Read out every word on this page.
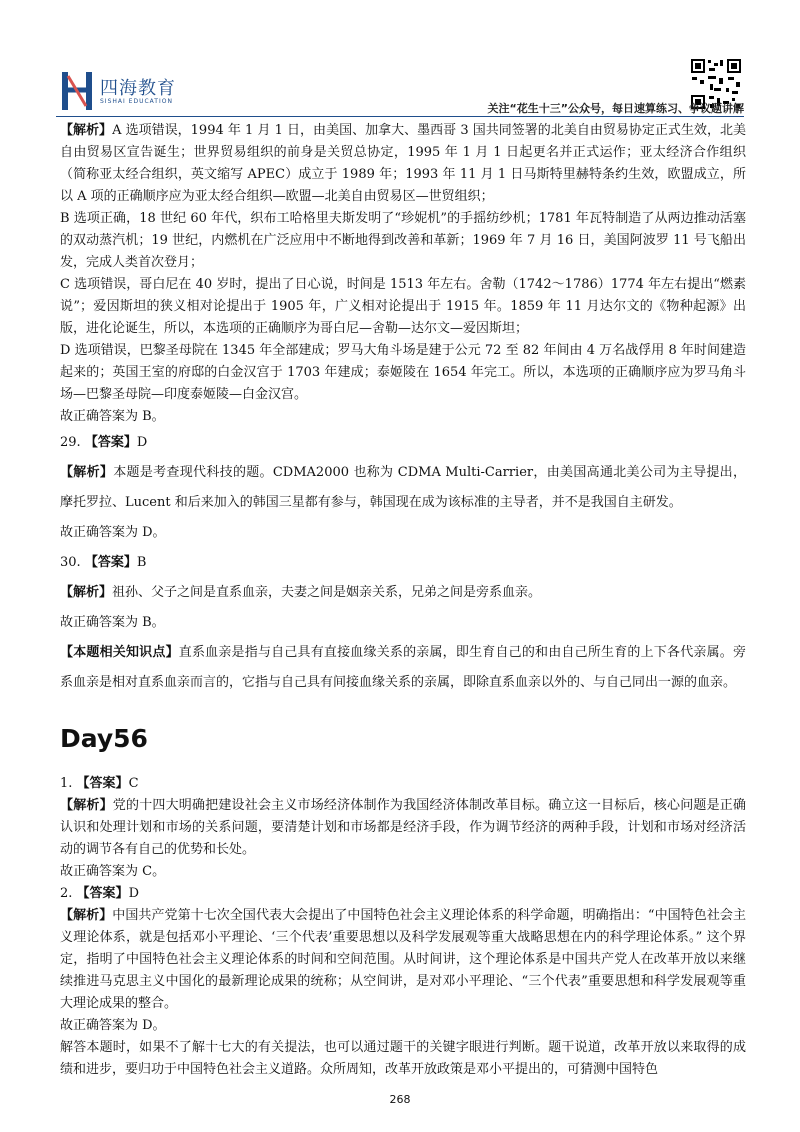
四海教育
SISHAI EDUCATION
关注“花生十三”公众号，每日速算练习、争议题讲解

【解析】A 选项错误，1994 年 1 月 1 日，由美国、加拿大、墨西哥 3 国共同签署的北美自由贸易协定正式生效，北美自由贸易区宣告诞生；世界贸易组织的前身是关贸总协定，1995 年 1 月 1 日起更名并正式运作；亚太经济合作组织（简称亚太经合组织，英文缩写 APEC）成立于 1989 年；1993 年 11 月 1 日马斯特里赫特条约生效，欧盟成立，所以 A 项的正确顺序应为亚太经合组织—欧盟—北美自由贸易区—世贸组织；

B 选项正确，18 世纪 60 年代，织布工哈格里夫斯发明了“珍妮机”的手摇纺纱机；1781 年瓦特制造了从两边推动活塞的双动蒸汽机；19 世纪，内燃机在广泛应用中不断地得到改善和革新；1969 年 7 月 16 日，美国阿波罗 11 号飞船出发，完成人类首次登月；

C 选项错误，哥白尼在 40 岁时，提出了日心说，时间是 1513 年左右。舍勒（1742～1786）1774 年左右提出“燃素说”；爱因斯坦的狭义相对论提出于 1905 年，广义相对论提出于 1915 年。1859 年 11 月达尔文的《物种起源》出版，进化论诞生，所以，本选项的正确顺序为哥白尼—舍勒—达尔文—爱因斯坦；

D 选项错误，巴黎圣母院在 1345 年全部建成；罗马大角斗场是建于公元 72 至 82 年间由 4 万名战俘用 8 年时间建造起来的；英国王室的府邸的白金汉宫于 1703 年建成；泰姬陵在 1654 年完工。所以，本选项的正确顺序应为罗马角斗场—巴黎圣母院—印度泰姬陵—白金汉宫。

故正确答案为 B。

29. 【答案】D

【解析】本题是考查现代科技的题。CDMA2000 也称为 CDMA Multi-Carrier，由美国高通北美公司为主导提出，摩托罗拉、Lucent 和后来加入的韩国三星都有参与，韩国现在成为该标准的主导者，并不是我国自主研发。

故正确答案为 D。

30. 【答案】B

【解析】祖孙、父子之间是直系血亲，夫妻之间是姻亲关系，兄弟之间是旁系血亲。

故正确答案为 B。

【本题相关知识点】直系血亲是指与自己具有直接血缘关系的亲属，即生育自己的和由自己所生育的上下各代亲属。旁系血亲是相对直系血亲而言的，它指与自己具有间接血缘关系的亲属，即除直系血亲以外的、与自己同出一源的血亲。

Day56

1. 【答案】C

【解析】党的十四大明确把建设社会主义市场经济体制作为我国经济体制改革目标。确立这一目标后，核心问题是正确认识和处理计划和市场的关系问题，要清楚计划和市场都是经济手段，作为调节经济的两种手段，计划和市场对经济活动的调节各有自己的优势和长处。

故正确答案为 C。

2. 【答案】D

【解析】中国共产党第十七次全国代表大会提出了中国特色社会主义理论体系的科学命题，明确指出：“中国特色社会主义理论体系，就是包括邓小平理论、‘三个代表’重要思想以及科学发展观等重大战略思想在内的科学理论体系。” 这个界定，指明了中国特色社会主义理论体系的时间和空间范围。从时间讲，这个理论体系是中国共产党人在改革开放以来继续推进马克思主义中国化的最新理论成果的统称；从空间讲，是对邓小平理论、“三个代表”重要思想和科学发展观等重大理论成果的整合。

故正确答案为 D。

解答本题时，如果不了解十七大的有关提法，也可以通过题干的关键字眼进行判断。题干说道，改革开放以来取得的成绩和进步，要归功于中国特色社会主义道路。众所周知，改革开放政策是邓小平提出的，可猜测中国特色

268
